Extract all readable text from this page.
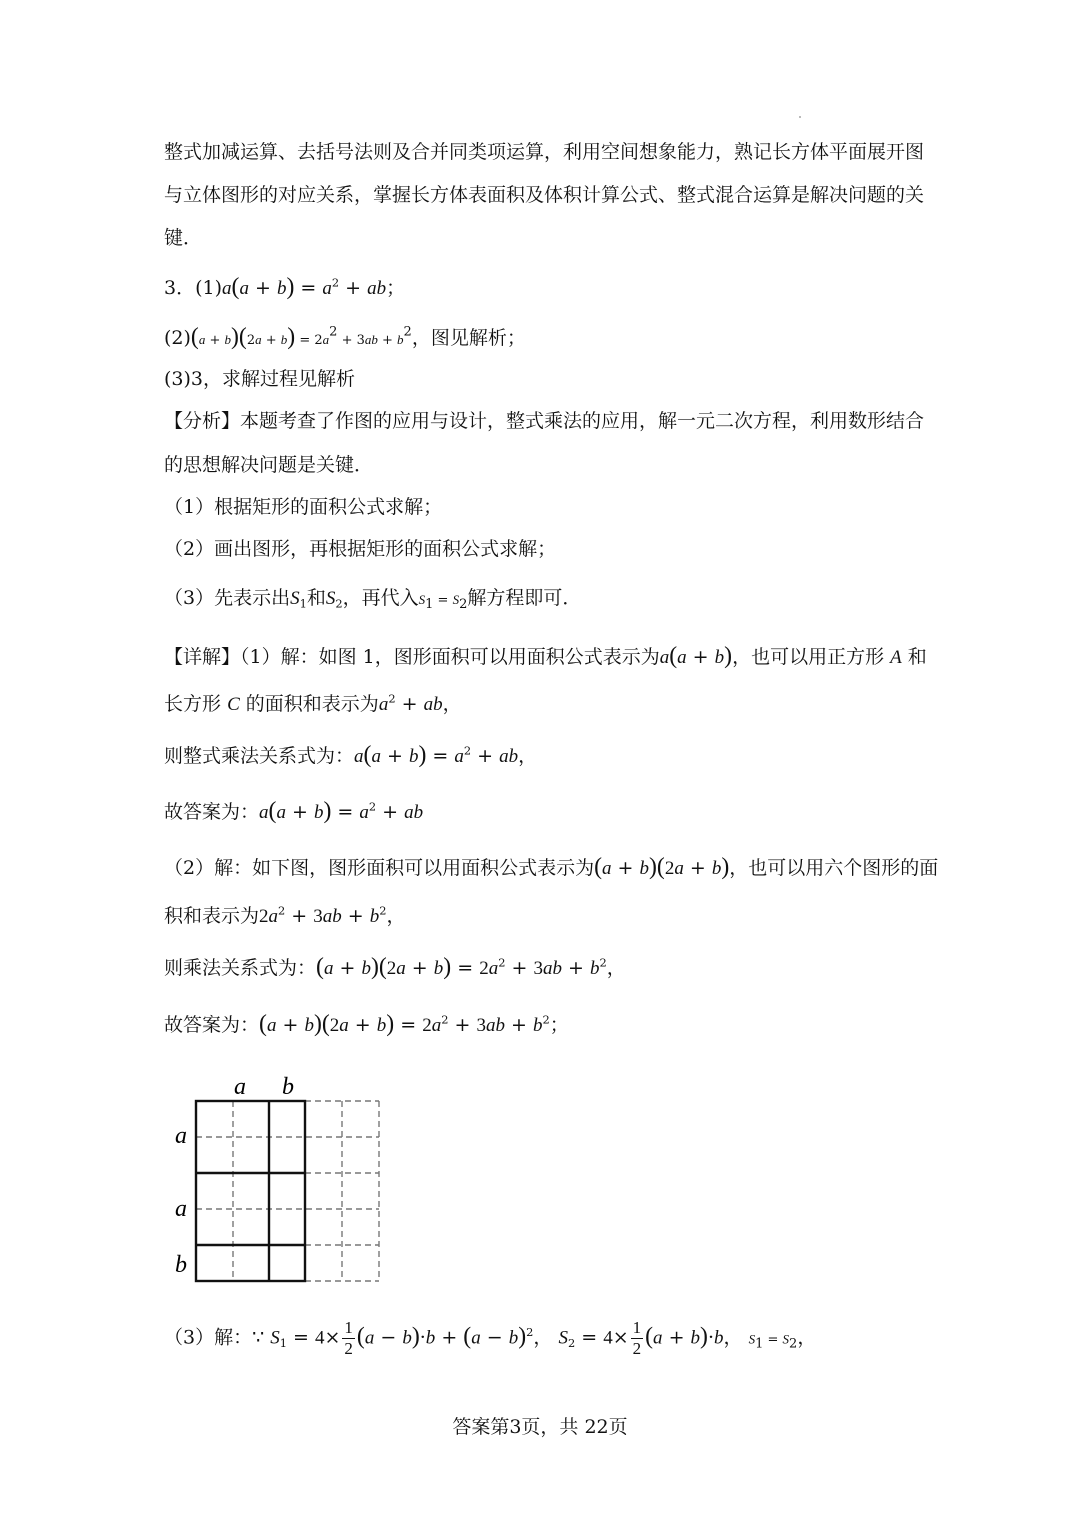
整式加减运算、去括号法则及合并同类项运算，利用空间想象能力，熟记长方体平面展开图
与立体图形的对应关系，掌握长方体表面积及体积计算公式、整式混合运算是解决问题的关
键．
3．$(1)a(a + b) = a^2$ + ab；
$(2)(a + b)(2a + b) = 2a^2 + 3ab + b^2$，图见解析；
(3)3，求解过程见解析
【分析】本题考查了作图的应用与设计，整式乘法的应用，解一元二次方程，利用数形结合
的思想解决问题是关键．
（1）根据矩形的面积公式求解；
（2）画出图形，再根据矩形的面积公式求解；
（3）先表示出$S_1$和$S_2$，再代入$S_1 = S_2$解方程即可．
【详解】（1）解：如图 1，图形面积可以用面积公式表示为a(a + b)，也可以用正方形 A 和
长方形 C 的面积和表示为$a^2$ + ab，
则整式乘法关系式为：$a(a + b) = a^2$ + ab，
故答案为：$a(a + b) = a^2$ + ab
（2）解：如下图，图形面积可以用面积公式表示为(a + b)(2a + b)，也可以用六个图形的面
积和表示为$2a^2 + 3ab + b^2$，
则乘法关系式为：$(a + b)(2a + b) = 2a^2 + 3ab + b^2$，
故答案为：$(a + b)(2a + b) = 2a^2 + 3ab + b^2$；
a b
a
a
b
（3）解：∵ $S_1 = 4\times \frac{1}{2} (a - b)\cdot b + (a - b)^2$， $S_2 = 4\times \frac{1}{2} (a + b)\cdot b$， $S_1 = S_2$，
答案第3页，共 22页
